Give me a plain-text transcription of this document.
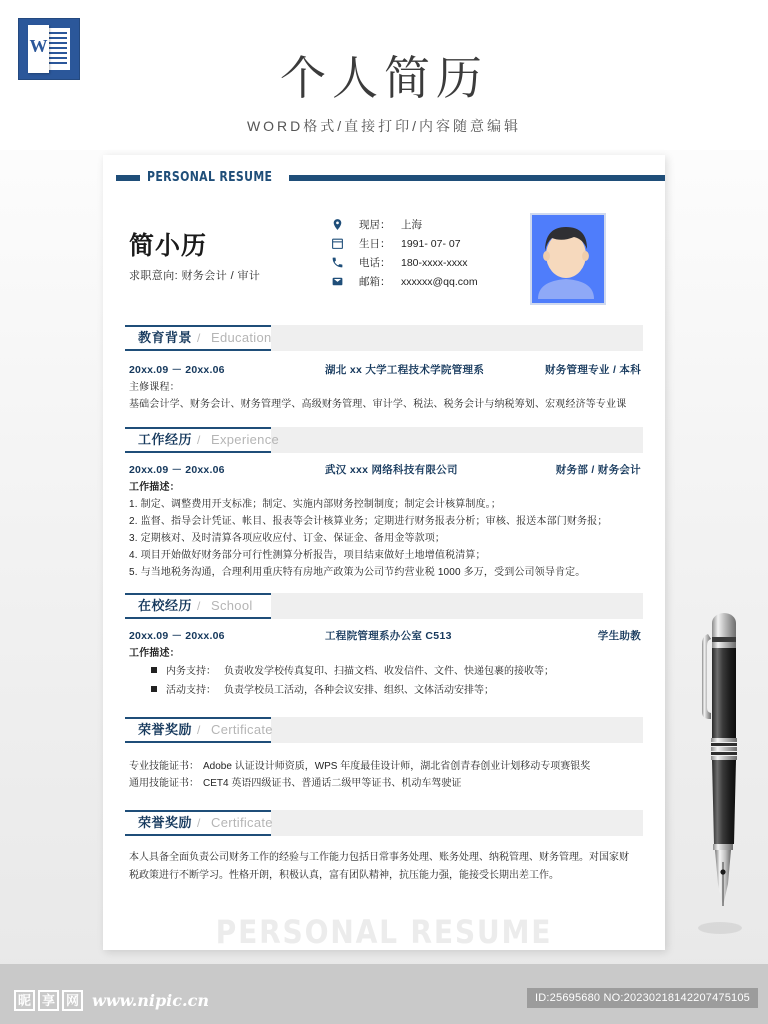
W
个人简历
WORD格式/直接打印/内容随意编辑
PERSONAL RESUME
简小历
求职意向: 财务会计 / 审计
现居： 上海
生日： 1991- 07- 07
电话： 180-xxxx-xxxx
邮箱： xxxxxx@qq.com
教育背景 / Education
20xx.09 － 20xx.06	湖北 xx 大学工程技术学院管理系	财务管理专业 / 本科
主修课程：
基础会计学、财务会计、财务管理学、高级财务管理、审计学、税法、税务会计与纳税筹划、宏观经济等专业课
工作经历 / Experience
20xx.09 － 20xx.06	武汉 xxx 网络科技有限公司	财务部 / 财务会计
工作描述：
1. 制定、调整费用开支标准；制定、实施内部财务控制制度；制定会计核算制度。；
2. 监督、指导会计凭证、帐目、报表等会计核算业务；定期进行财务报表分析；审核、报送本部门财务报；
3. 定期核对、及时清算各项应收应付、订金、保证金、备用金等款项；
4. 项目开始做好财务部分可行性测算分析报告，项目结束做好土地增值税清算；
5. 与当地税务沟通，合理利用重庆特有房地产政策为公司节约营业税 1000 多万，受到公司领导肯定。
在校经历 / School
20xx.09 － 20xx.06	工程院管理系办公室 C513	学生助教
工作描述：
内务支持： 负责收发学校传真复印、扫描文档、收发信件、文件、快递包裹的接收等；
活动支持： 负责学校员工活动，各种会议安排、组织、文体活动安排等；
荣誉奖励 / Certificate
专业技能证书： Adobe 认证设计师资质，WPS 年度最佳设计师，湖北省创青春创业计划移动专项赛银奖
通用技能证书： CET4 英语四级证书、普通话二级甲等证书、机动车驾驶证
荣誉奖励 / Certificate
本人具备全面负责公司财务工作的经验与工作能力包括日常事务处理、账务处理、纳税管理、财务管理。对国家财
税政策进行不断学习。性格开朗，积极认真，富有团队精神，抗压能力强，能接受长期出差工作。
PERSONAL RESUME
昵 享 网 www.nipic.cn	ID:25695680 NO:20230218142207475105
